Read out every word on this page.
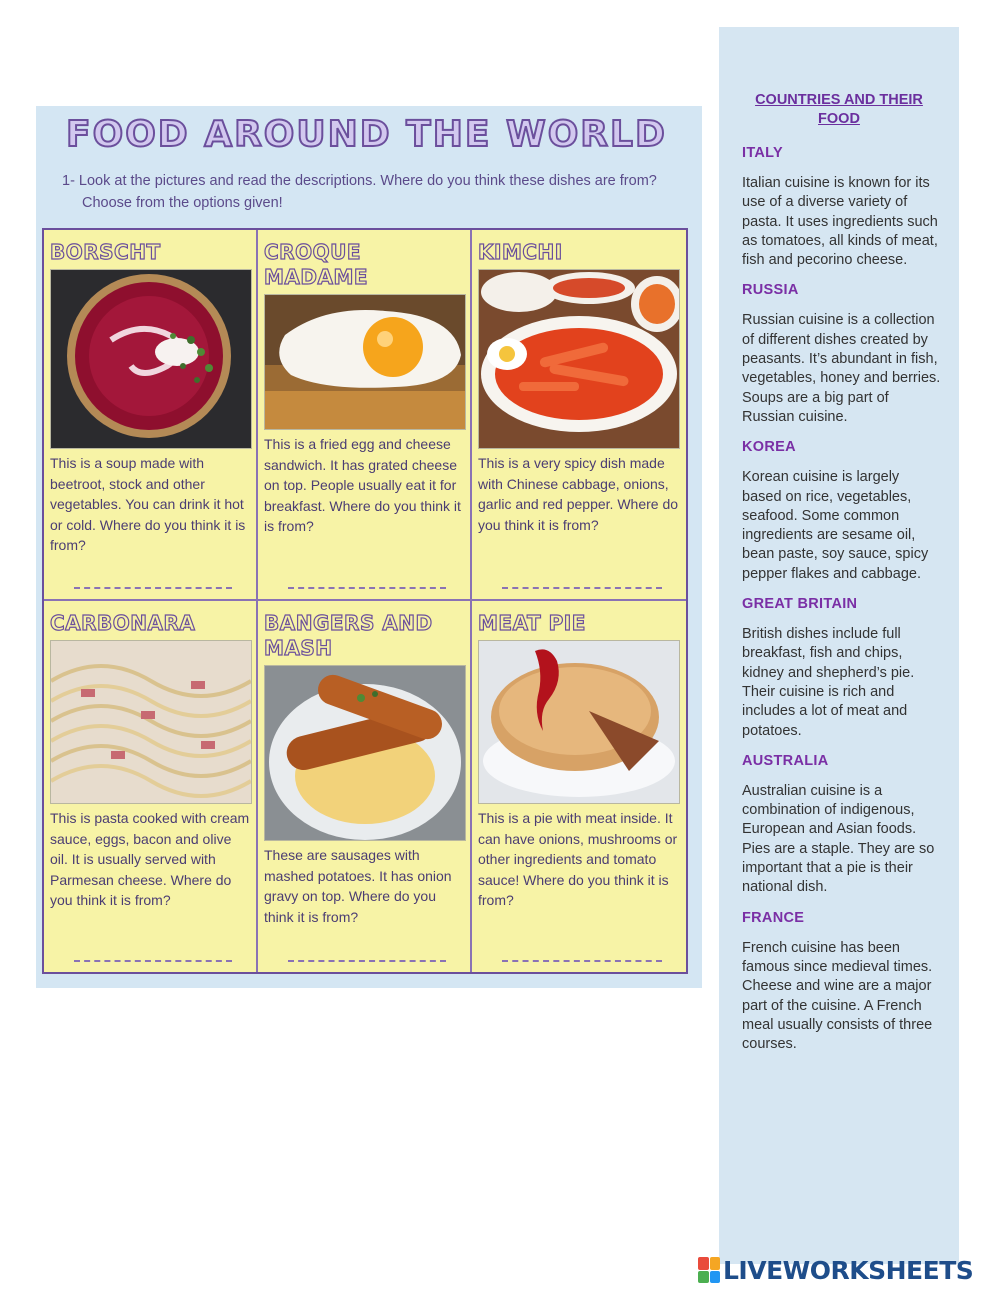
FOOD AROUND THE WORLD

1- Look at the pictures and read the descriptions. Where do you think these dishes are from? Choose from the options given!

BORSCHT

This is a soup made with beetroot, stock and other vegetables. You can drink it hot or cold. Where do you think it is from?

CROQUE MADAME

This is a fried egg and cheese sandwich. It has grated cheese on top. People usually eat it for breakfast. Where do you think it is from?

KIMCHI

This is a very spicy dish made with Chinese cabbage, onions, garlic and red pepper. Where do you think it is from?

CARBONARA

This is pasta cooked with cream sauce, eggs, bacon and olive oil. It is usually served with Parmesan cheese. Where do you think it is from?

BANGERS AND MASH

These are sausages with mashed potatoes. It has onion gravy on top. Where do you think it is from?

MEAT PIE

This is a pie with meat inside. It can have onions, mushrooms or other ingredients and tomato sauce! Where do you think it is from?

COUNTRIES AND THEIR FOOD
ITALY

Italian cuisine is known for its use of a diverse variety of pasta. It uses ingredients such as tomatoes, all kinds of meat, fish and pecorino cheese.

RUSSIA

Russian cuisine is a collection of different dishes created by peasants. It’s abundant in fish, vegetables, honey and berries. Soups are a big part of Russian cuisine.

KOREA

Korean cuisine is largely based on rice, vegetables, seafood. Some common ingredients are sesame oil, bean paste, soy sauce, spicy pepper flakes and cabbage.

GREAT BRITAIN

British dishes include full breakfast, fish and chips, kidney and shepherd’s pie. Their cuisine is rich and includes a lot of meat and potatoes.

AUSTRALIA

Australian cuisine is a combination of indigenous, European and Asian foods. Pies are a staple. They are so important that a pie is their national dish.

FRANCE

French cuisine has been famous since medieval times. Cheese and wine are a major part of the cuisine. A French meal usually consists of three courses.

LIVEWORKSHEETS
